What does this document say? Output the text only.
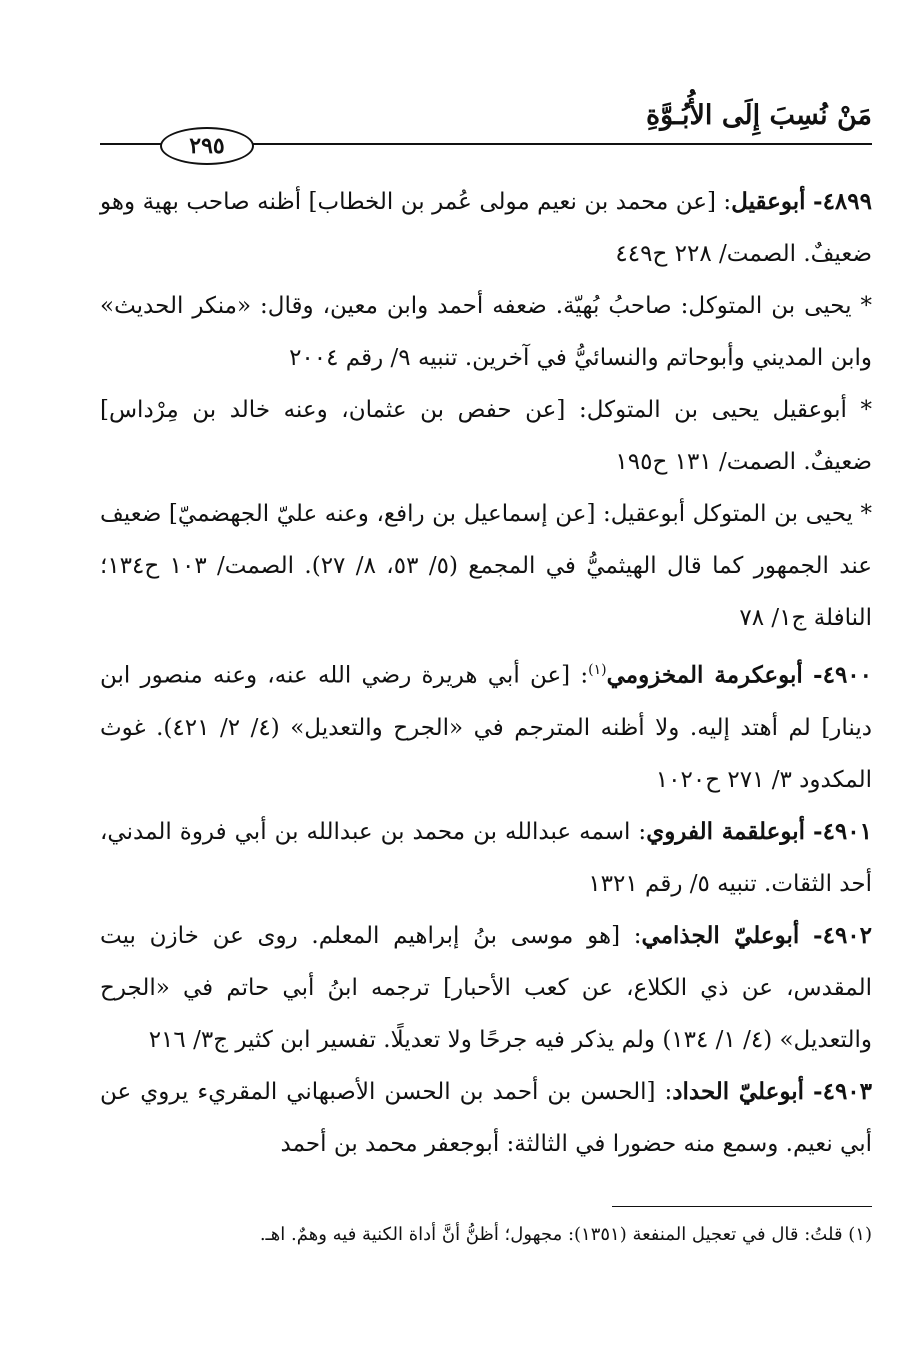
مَنْ نُسِبَ إِلَى الأُبُـوَّةِ
٢٩٥

٤٨٩٩- أبوعقيل: [عن محمد بن نعيم مولى عُمر بن الخطاب] أظنه صاحب بهية وهو ضعيفٌ. الصمت/ ٢٢٨ ح٤٤٩

* يحيى بن المتوكل: صاحبُ بُهيّة. ضعفه أحمد وابن معين، وقال: «منكر الحديث» وابن المديني وأبوحاتم والنسائيُّ في آخرين. تنبيه ٩/ رقم ٢٠٠٤

* أبوعقيل يحيى بن المتوكل: [عن حفص بن عثمان، وعنه خالد بن مِرْداس] ضعيفٌ. الصمت/ ١٣١ ح١٩٥

* يحيى بن المتوكل أبوعقيل: [عن إسماعيل بن رافع، وعنه عليّ الجهضميّ] ضعيف عند الجمهور كما قال الهيثميُّ في المجمع (٥/ ٥٣، ٨/ ٢٧). الصمت/ ١٠٣ ح١٣٤؛ النافلة ج١/ ٧٨

٤٩٠٠- أبوعكرمة المخزومي$^{(١)}$: [عن أبي هريرة رضي الله عنه، وعنه منصور ابن دينار] لم أهتد إليه. ولا أظنه المترجم في «الجرح والتعديل» (٤/ ٢/ ٤٢١). غوث المكدود ٣/ ٢٧١ ح١٠٢٠

٤٩٠١- أبوعلقمة الفروي: اسمه عبدالله بن محمد بن عبدالله بن أبي فروة المدني، أحد الثقات. تنبيه ٥/ رقم ١٣٢١

٤٩٠٢- أبوعليّ الجذامي: [هو موسى بنُ إبراهيم المعلم. روى عن خازن بيت المقدس، عن ذي الكلاع، عن كعب الأحبار] ترجمه ابنُ أبي حاتم في «الجرح والتعديل» (٤/ ١/ ١٣٤) ولم يذكر فيه جرحًا ولا تعديلًا. تفسير ابن كثير ج٣/ ٢١٦

٤٩٠٣- أبوعليّ الحداد: [الحسن بن أحمد بن الحسن الأصبهاني المقريء يروي عن أبي نعيم. وسمع منه حضورا في الثالثة: أبوجعفر محمد بن أحمد

(١) قلتُ: قال في تعجيل المنفعة (١٣٥١): مجهول؛ أظنُّ أنَّ أداة الكنية فيه وهمٌ. اهـ.
